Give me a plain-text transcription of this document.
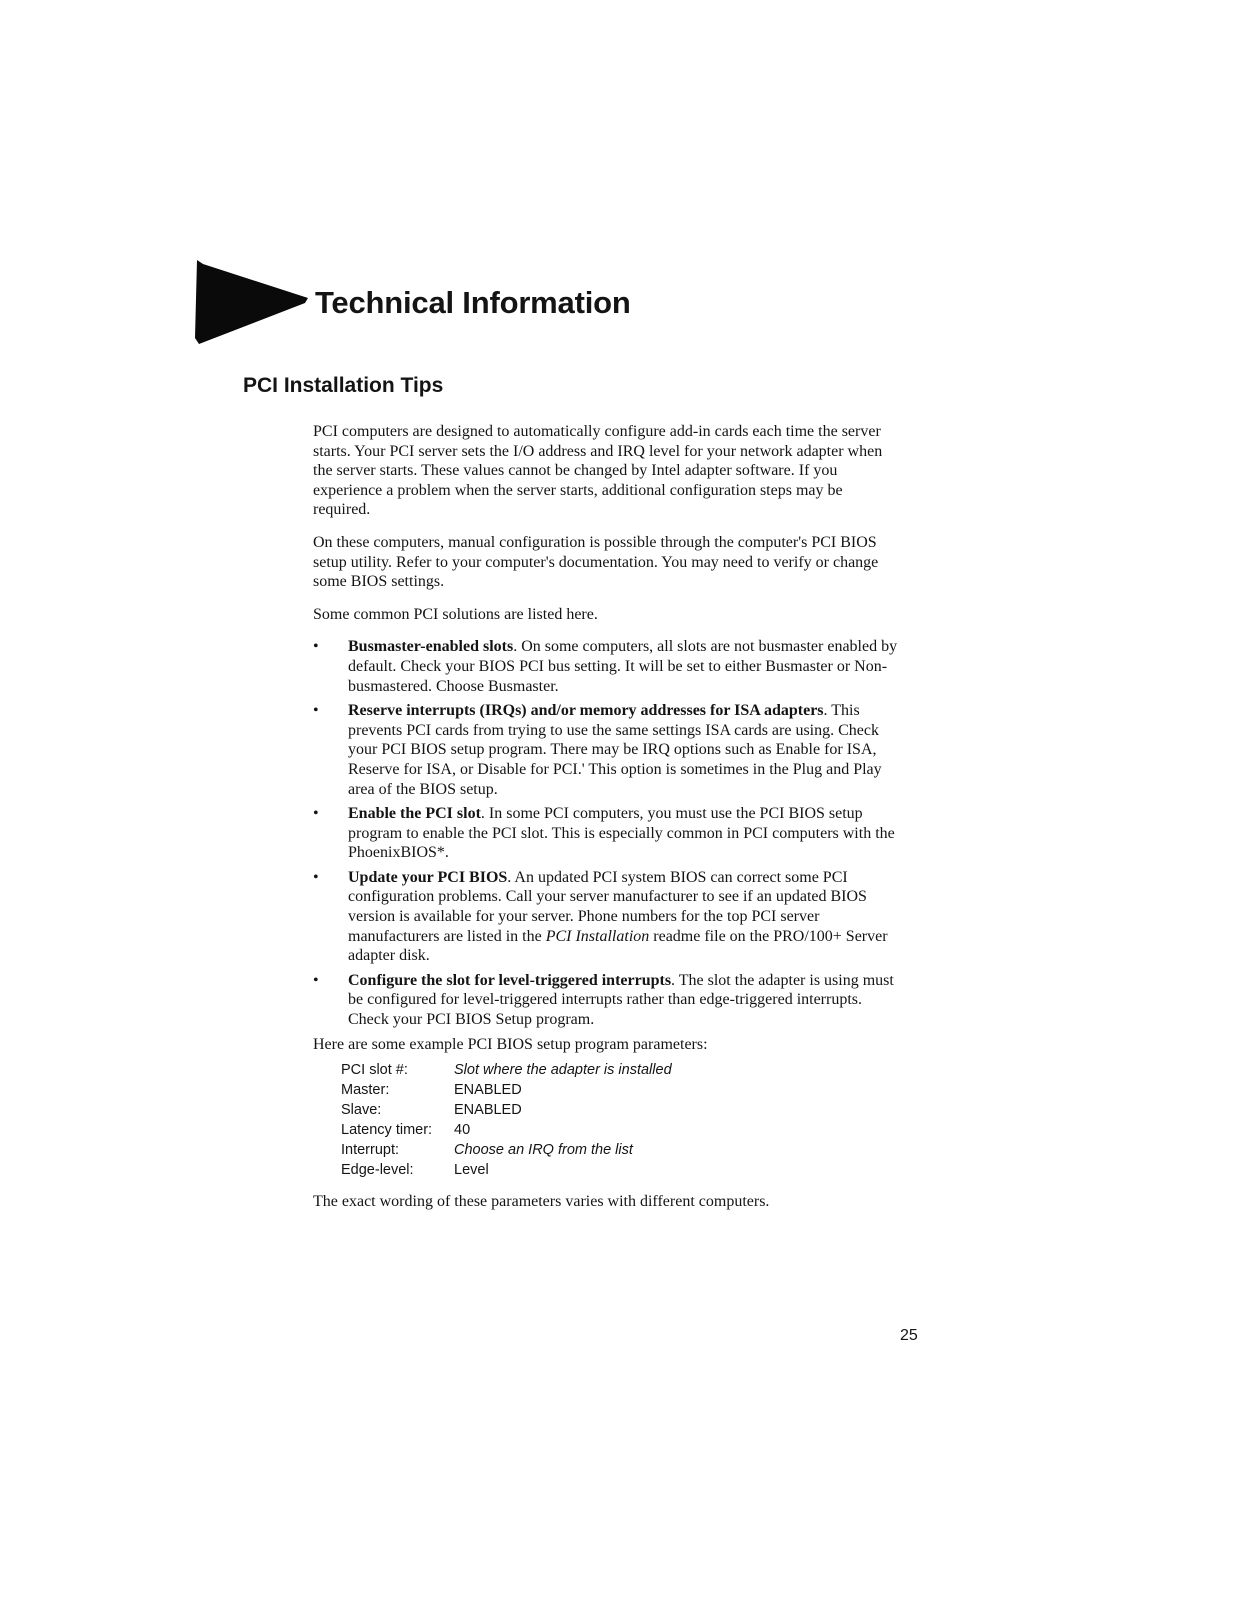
Technical Information
PCI Installation Tips

PCI computers are designed to automatically configure add-in cards each time the server starts. Your PCI server sets the I/O address and IRQ level for your network adapter when the server starts. These values cannot be changed by Intel adapter software. If you experience a problem when the server starts, additional configuration steps may be required.

On these computers, manual configuration is possible through the computer's PCI BIOS setup utility. Refer to your computer's documentation. You may need to verify or change some BIOS settings.

Some common PCI solutions are listed here.

• Busmaster-enabled slots. On some computers, all slots are not busmaster enabled by default. Check your BIOS PCI bus setting. It will be set to either Busmaster or Non-busmastered. Choose Busmaster.
• Reserve interrupts (IRQs) and/or memory addresses for ISA adapters. This prevents PCI cards from trying to use the same settings ISA cards are using. Check your PCI BIOS setup program. There may be IRQ options such as Enable for ISA, Reserve for ISA, or Disable for PCI.' This option is sometimes in the Plug and Play area of the BIOS setup.
• Enable the PCI slot. In some PCI computers, you must use the PCI BIOS setup program to enable the PCI slot. This is especially common in PCI computers with the PhoenixBIOS*.
• Update your PCI BIOS. An updated PCI system BIOS can correct some PCI configuration problems. Call your server manufacturer to see if an updated BIOS version is available for your server. Phone numbers for the top PCI server manufacturers are listed in the PCI Installation readme file on the PRO/100+ Server adapter disk.
• Configure the slot for level-triggered interrupts. The slot the adapter is using must be configured for level-triggered interrupts rather than edge-triggered interrupts. Check your PCI BIOS Setup program.

Here are some example PCI BIOS setup program parameters:

PCI slot #:	Slot where the adapter is installed
Master:	ENABLED
Slave:	ENABLED
Latency timer:	40
Interrupt:	Choose an IRQ from the list
Edge-level:	Level

The exact wording of these parameters varies with different computers.

25
